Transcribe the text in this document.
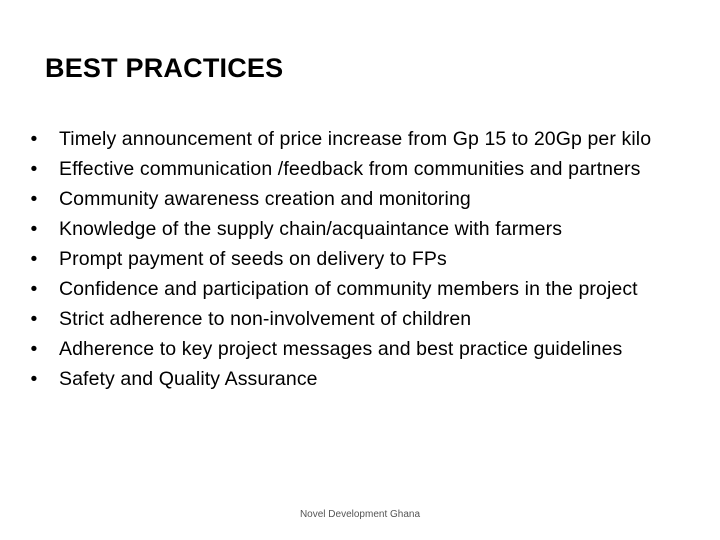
BEST PRACTICES
• Timely announcement of price increase from Gp 15 to 20Gp per kilo
• Effective communication /feedback from communities and partners
• Community awareness creation and monitoring
• Knowledge of the supply chain/acquaintance with farmers
• Prompt payment of seeds on delivery to FPs
• Confidence and participation of community members in the project
• Strict adherence to non-involvement of children
• Adherence to key project messages and best practice guidelines
• Safety and Quality Assurance
Novel Development Ghana
